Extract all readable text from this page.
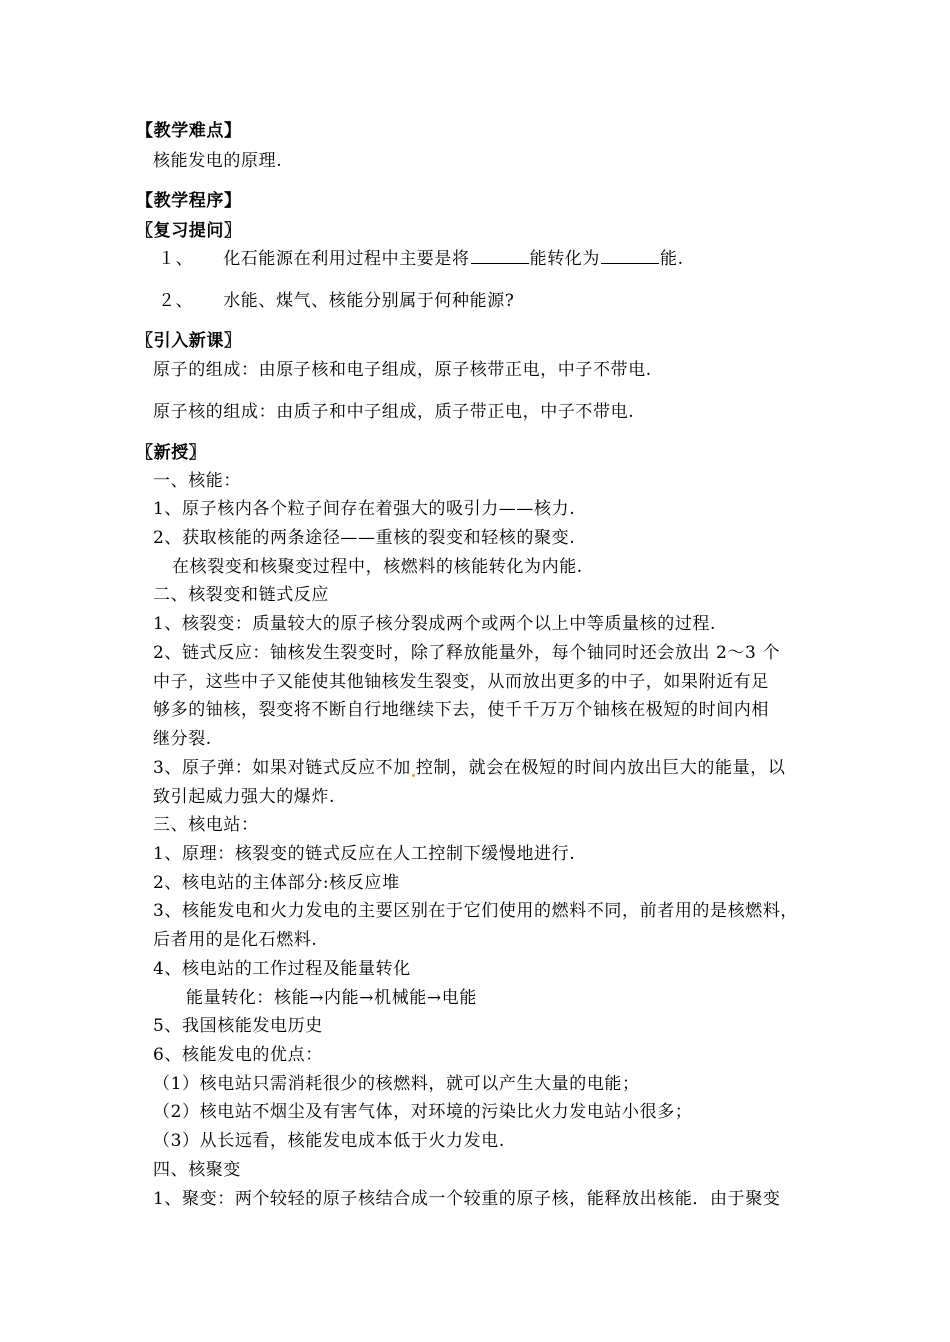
【教学难点】
核能发电的原理.
【教学程序】
〖复习提问〗
１、 化石能源在利用过程中主要是将	能转化为	能.
２、 水能、煤气、核能分别属于何种能源?
〖引入新课〗
原子的组成：由原子核和电子组成，原子核带正电，中子不带电.
原子核的组成：由质子和中子组成，质子带正电，中子不带电.
〖新授〗
一、核能：
1、原子核内各个粒子间存在着强大的吸引力——核力.
2、获取核能的两条途径——重核的裂变和轻核的聚变.
在核裂变和核聚变过程中，核燃料的核能转化为内能.
二、核裂变和链式反应
1、核裂变：质量较大的原子核分裂成两个或两个以上中等质量核的过程.
2、链式反应：铀核发生裂变时，除了释放能量外，每个铀同时还会放出 2～3 个
中子，这些中子又能使其他铀核发生裂变，从而放出更多的中子，如果附近有足
够多的铀核，裂变将不断自行地继续下去，使千千万万个铀核在极短的时间内相
继分裂.
3、原子弹：如果对链式反应不加 控制，就会在极短的时间内放出巨大的能量，以
致引起威力强大的爆炸.
三、核电站：
1、原理：核裂变的链式反应在人工控制下缓慢地进行.
2、核电站的主体部分:核反应堆
3、核能发电和火力发电的主要区别在于它们使用的燃料不同，前者用的是核燃料，
后者用的是化石燃料.
4、核电站的工作过程及能量转化
能量转化：核能→内能→机械能→电能
5、我国核能发电历史
6、核能发电的优点：
（1）核电站只需消耗很少的核燃料，就可以产生大量的电能；
（2）核电站不烟尘及有害气体，对环境的污染比火力发电站小很多；
（3）从长远看，核能发电成本低于火力发电.
四、核聚变
1、聚变：两个较轻的原子核结合成一个较重的原子核，能释放出核能．由于聚变
